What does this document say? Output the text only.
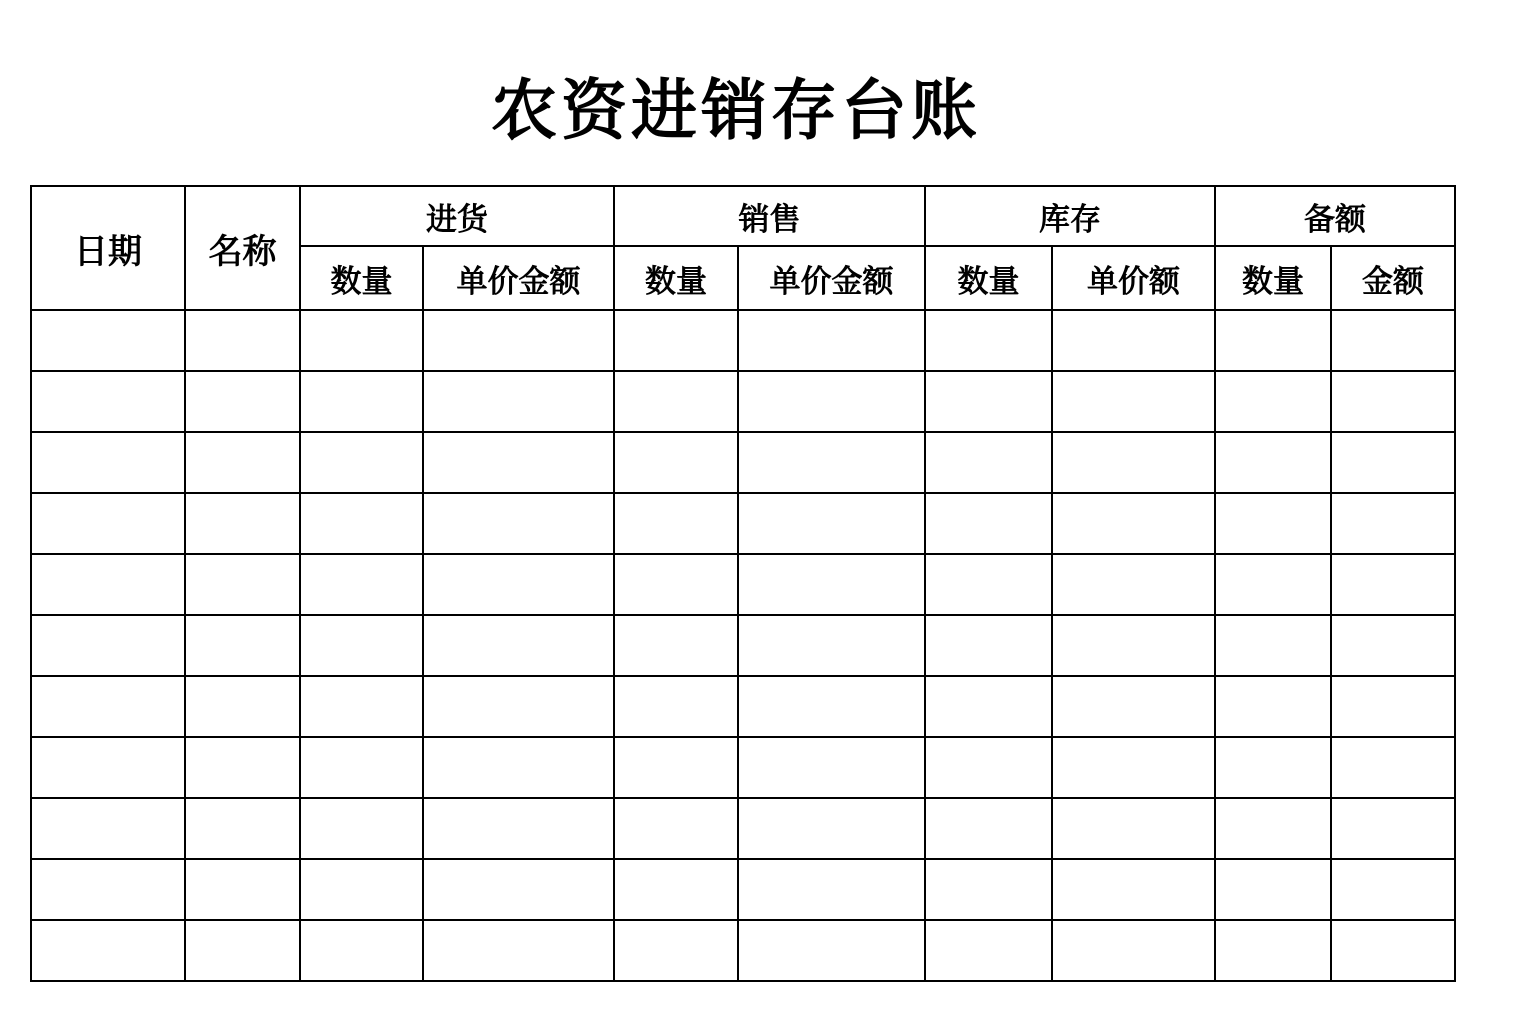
农资进销存台账
日期	名称	进货		销售		库存		备额	
		数量	单价金额	数量	单价金额	数量	单价额	数量	金额
